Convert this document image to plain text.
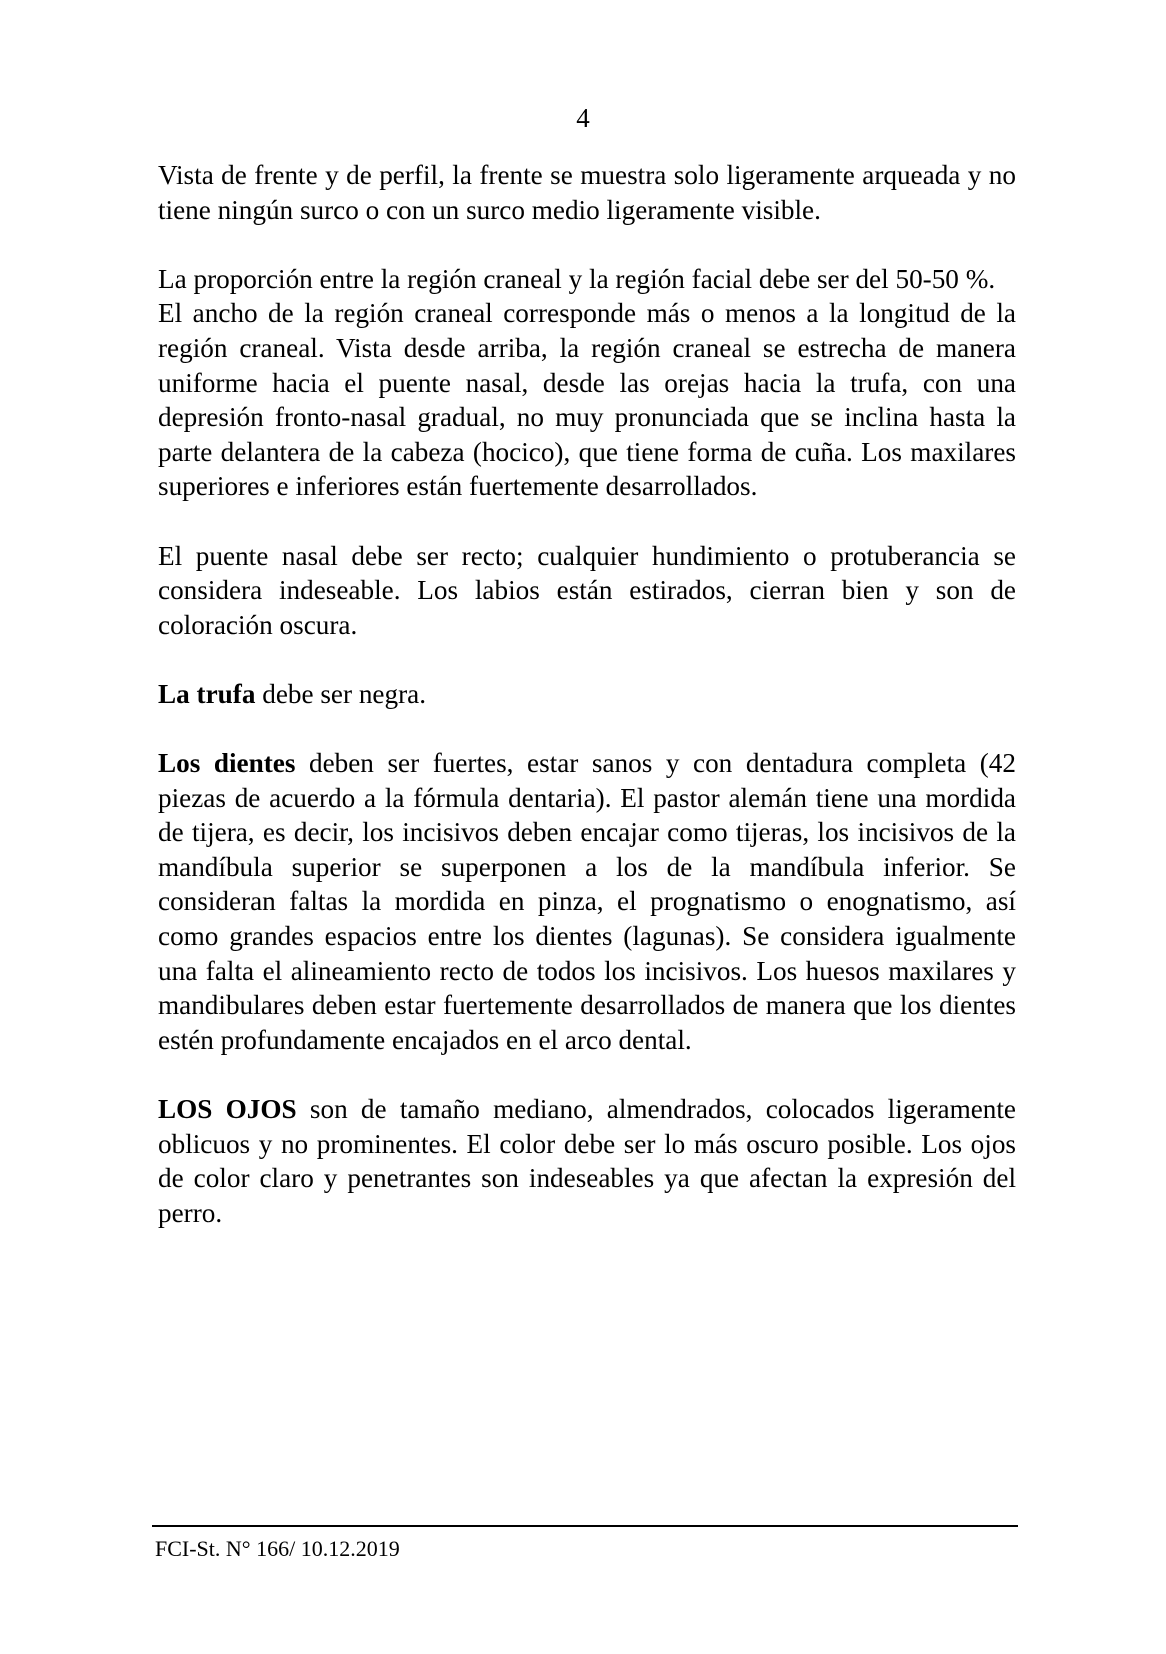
4

Vista de frente y de perfil, la frente se muestra solo ligeramente arqueada y no tiene ningún surco o con un surco medio ligeramente visible.

La proporción entre la región craneal y la región facial debe ser del 50-50 %.

El ancho de la región craneal corresponde más o menos a la longitud de la región craneal. Vista desde arriba, la región craneal se estrecha de manera uniforme hacia el puente nasal, desde las orejas hacia la trufa, con una depresión fronto-nasal gradual, no muy pronunciada que se inclina hasta la parte delantera de la cabeza (hocico), que tiene forma de cuña. Los maxilares superiores e inferiores están fuertemente desarrollados.

El puente nasal debe ser recto; cualquier hundimiento o protuberancia se considera indeseable. Los labios están estirados, cierran bien y son de coloración oscura.

La trufa debe ser negra.

Los dientes deben ser fuertes, estar sanos y con dentadura completa (42 piezas de acuerdo a la fórmula dentaria). El pastor alemán tiene una mordida de tijera, es decir, los incisivos deben encajar como tijeras, los incisivos de la mandíbula superior se superponen a los de la mandíbula inferior. Se consideran faltas la mordida en pinza, el prognatismo o enognatismo, así como grandes espacios entre los dientes (lagunas). Se considera igualmente una falta el alineamiento recto de todos los incisivos. Los huesos maxilares y mandibulares deben estar fuertemente desarrollados de manera que los dientes estén profundamente encajados en el arco dental.

LOS OJOS son de tamaño mediano, almendrados, colocados ligeramente oblicuos y no prominentes. El color debe ser lo más oscuro posible. Los ojos de color claro y penetrantes son indeseables ya que afectan la expresión del perro.

FCI-St. N° 166/ 10.12.2019
